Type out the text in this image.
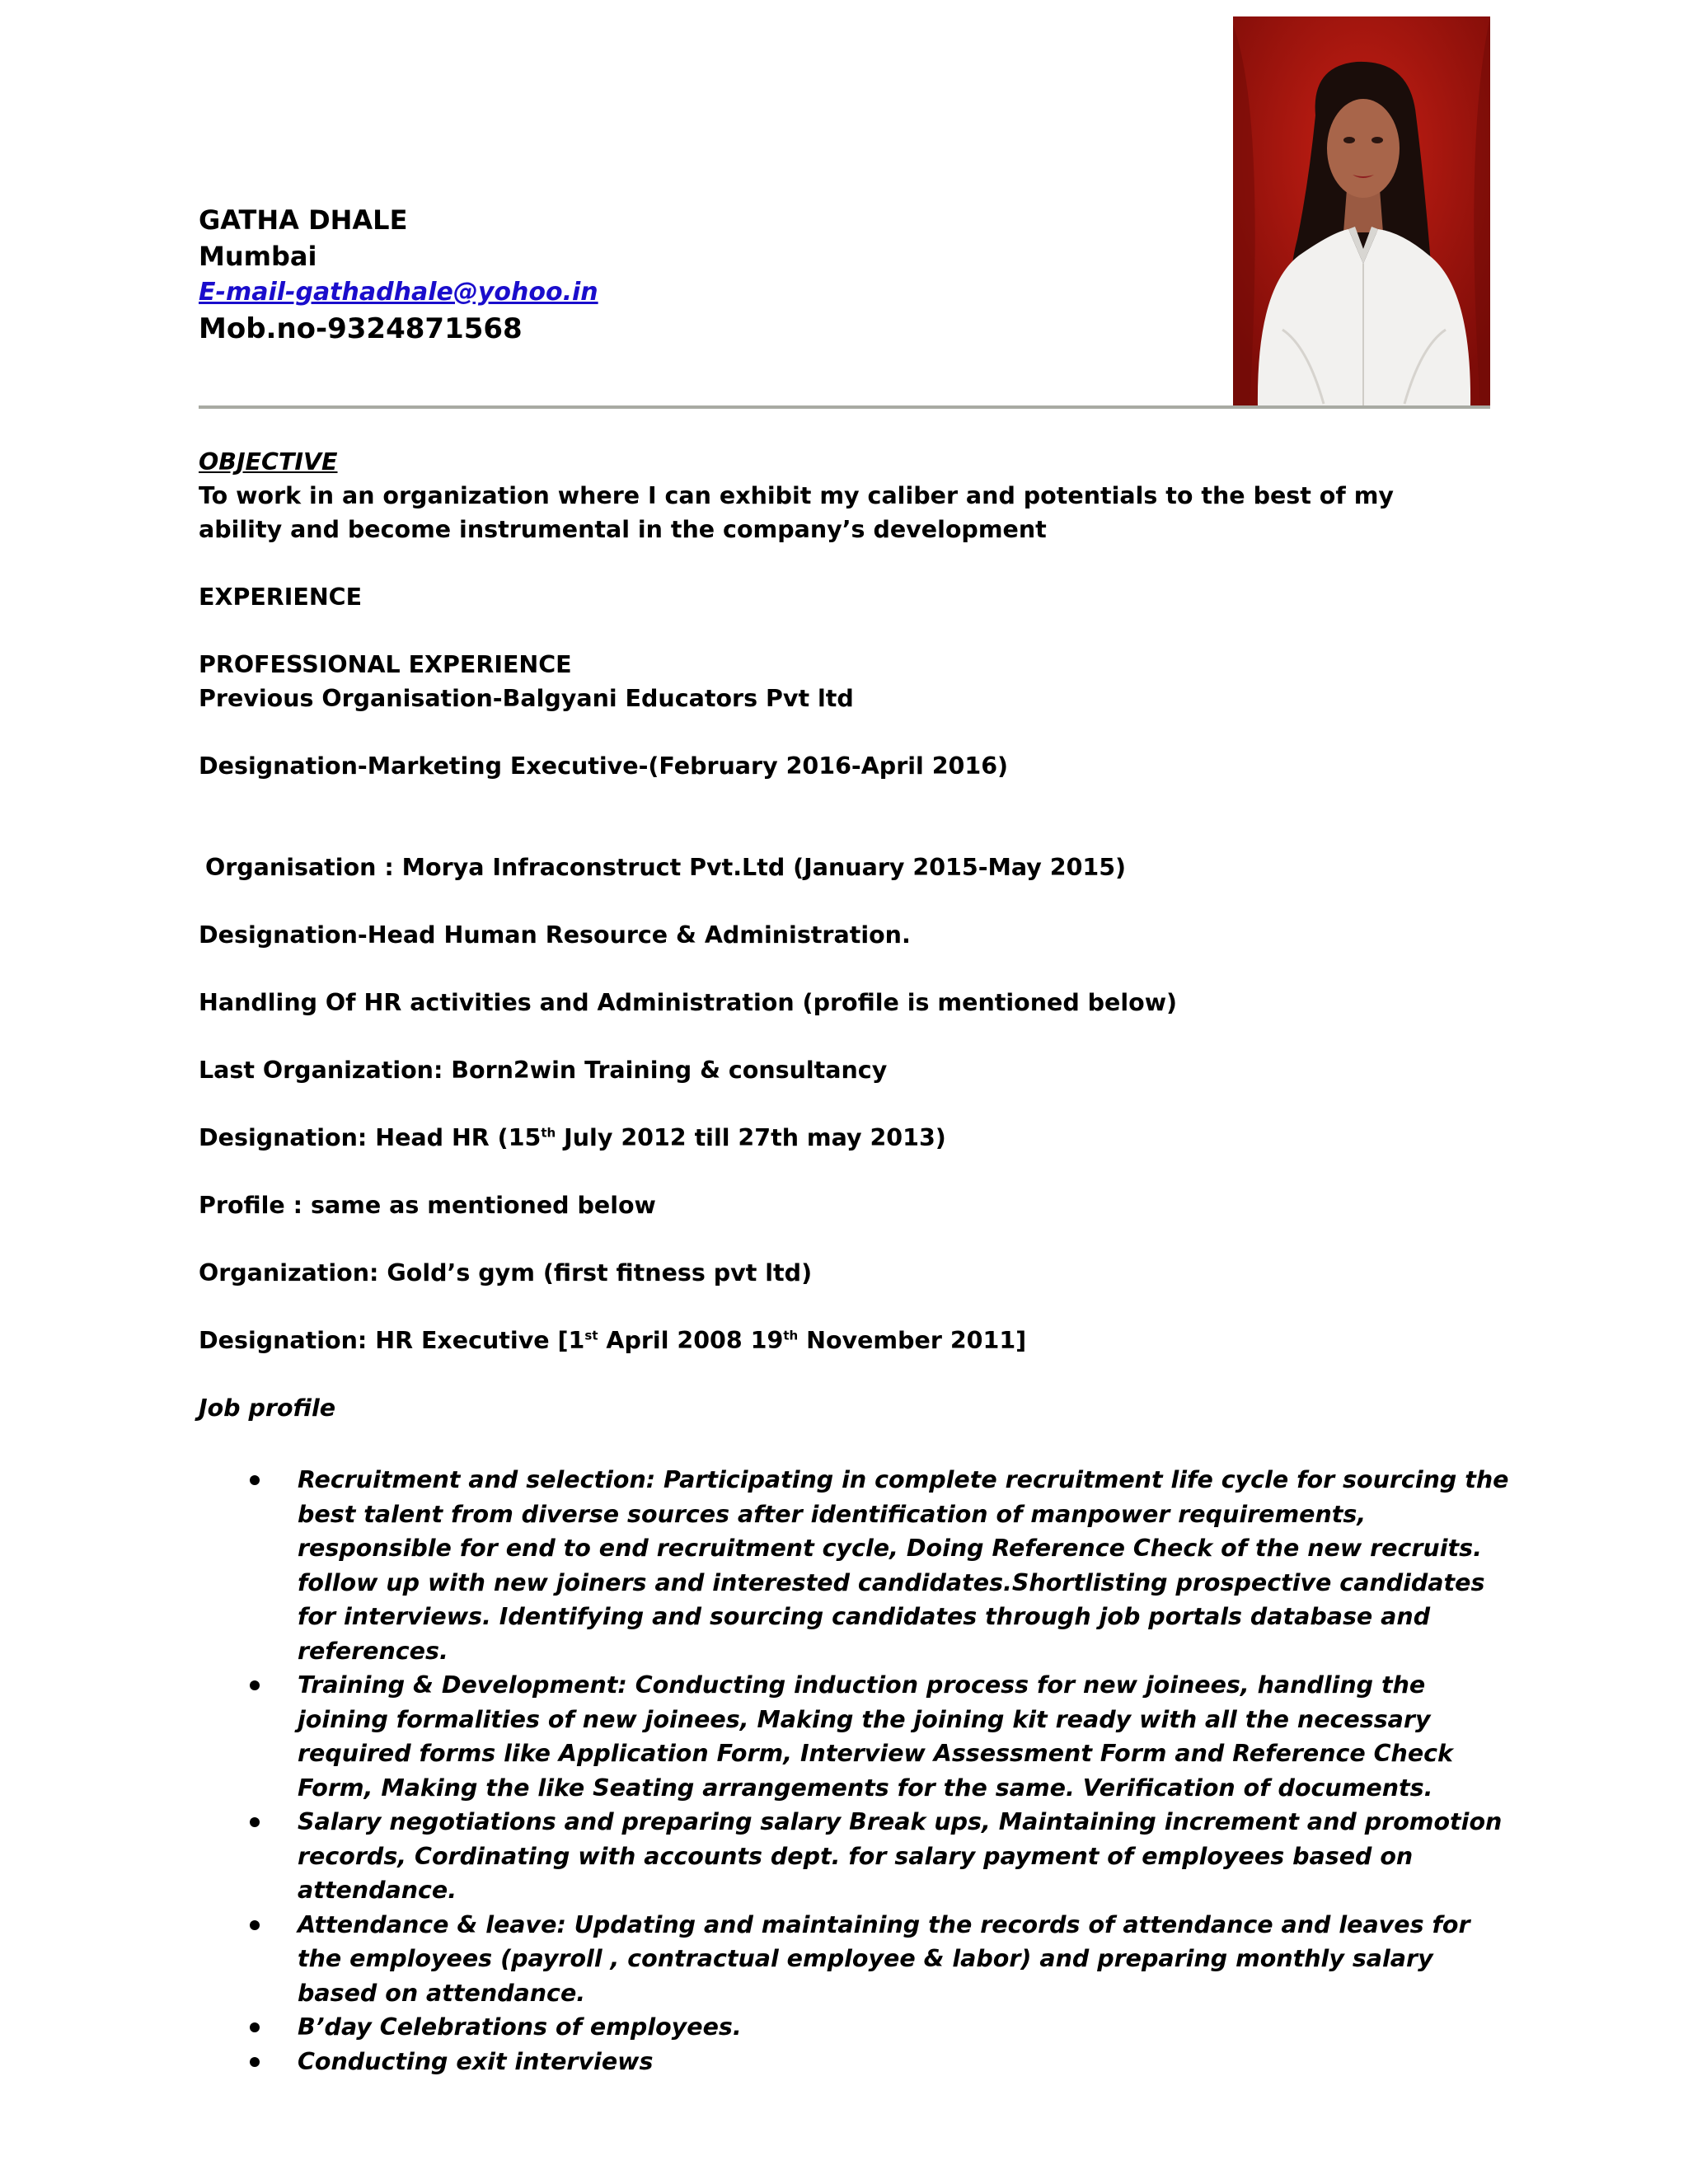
GATHA DHALE
Mumbai
E-mail-gathadhale@yohoo.in
Mob.no-9324871568

OBJECTIVE

To work in an organization where I can exhibit my caliber and potentials to the best of my ability and become instrumental in the company’s development

EXPERIENCE

PROFESSIONAL EXPERIENCE

Previous Organisation-Balgyani Educators Pvt ltd

Designation-Marketing Executive-(February 2016-April 2016)

Organisation : Morya Infraconstruct Pvt.Ltd (January 2015-May 2015)

Designation-Head Human Resource & Administration.

Handling Of HR activities and Administration (profile is mentioned below)

Last Organization: Born2win Training & consultancy

Designation: Head HR (15th July 2012 till 27th may 2013)

Profile : same as mentioned below

Organization: Gold’s gym (first fitness pvt ltd)

Designation: HR Executive [1st April 2008 19th November 2011]

Job profile

Recruitment and selection: Participating in complete recruitment life cycle for sourcing the best talent from diverse sources after identification of manpower requirements, responsible for end to end recruitment cycle, Doing Reference Check of the new recruits. follow up with new joiners and interested candidates.Shortlisting prospective candidates for interviews. Identifying and sourcing candidates through job portals database and references.
Training & Development: Conducting induction process for new joinees, handling the joining formalities of new joinees, Making the joining kit ready with all the necessary required forms like Application Form, Interview Assessment Form and Reference Check Form, Making the like Seating arrangements for the same. Verification of documents.
Salary negotiations and preparing salary Break ups, Maintaining increment and promotion records, Cordinating with accounts dept. for salary payment of employees based on attendance.
Attendance & leave: Updating and maintaining the records of attendance and leaves for the employees (payroll , contractual employee & labor) and preparing monthly salary based on attendance.
B’day Celebrations of employees.
Conducting exit interviews
